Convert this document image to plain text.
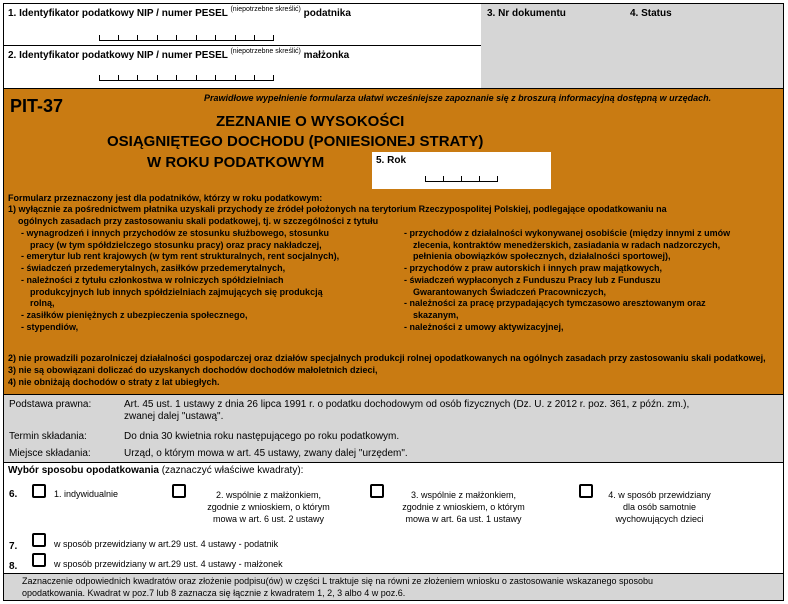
1. Identyfikator podatkowy NIP / numer PESEL $^{(niepotrzebne skreślić)}$ podatnika
2. Identyfikator podatkowy NIP / numer PESEL $^{(niepotrzebne skreślić)}$ małżonka
3. Nr dokumentu	4. Status
PIT-37	Prawidłowe wypełnienie formularza ułatwi wcześniejsze zapoznanie się z broszurą informacyjną dostępną w urzędach.
ZEZNANIE O WYSOKOŚCI
OSIĄGNIĘTEGO DOCHODU (PONIESIONEJ STRATY)
W ROKU PODATKOWYM	5. Rok
Formularz przeznaczony jest dla podatników, którzy w roku podatkowym:
1) wyłącznie za pośrednictwem płatnika uzyskali przychody ze źródeł położonych na terytorium Rzeczypospolitej Polskiej, podlegające opodatkowaniu na
ogólnych zasadach przy zastosowaniu skali podatkowej, tj. w szczególności z tytułu
- wynagrodzeń i innych przychodów ze stosunku służbowego, stosunku
pracy (w tym spółdzielczego stosunku pracy) oraz pracy nakładczej,
- emerytur lub rent krajowych (w tym rent strukturalnych, rent socjalnych),
- świadczeń przedemerytalnych, zasiłków przedemerytalnych,
- należności z tytułu członkostwa w rolniczych spółdzielniach
produkcyjnych lub innych spółdzielniach zajmujących się produkcją
rolną,
- zasiłków pieniężnych z ubezpieczenia społecznego,
- stypendiów,
- przychodów z działalności wykonywanej osobiście (między innymi z umów
zlecenia, kontraktów menedżerskich, zasiadania w radach nadzorczych,
pełnienia obowiązków społecznych, działalności sportowej),
- przychodów z praw autorskich i innych praw majątkowych,
- świadczeń wypłaconych z Funduszu Pracy lub z Funduszu
Gwarantowanych Świadczeń Pracowniczych,
- należności za pracę przypadających tymczasowo aresztowanym oraz
skazanym,
- należności z umowy aktywizacyjnej,
2) nie prowadzili pozarolniczej działalności gospodarczej oraz działów specjalnych produkcji rolnej opodatkowanych na ogólnych zasadach przy zastosowaniu skali podatkowej,
3) nie są obowiązani doliczać do uzyskanych dochodów dochodów małoletnich dzieci,
4) nie obniżają dochodów o straty z lat ubiegłych.
Podstawa prawna:	Art. 45 ust. 1 ustawy z dnia 26 lipca 1991 r. o podatku dochodowym od osób fizycznych (Dz. U. z 2012 r. poz. 361, z późn. zm.),
zwanej dalej "ustawą".
Termin składania:	Do dnia 30 kwietnia roku następującego po roku podatkowym.
Miejsce składania:	Urząd, o którym mowa w art. 45 ustawy, zwany dalej "urzędem".
Wybór sposobu opodatkowania (zaznaczyć właściwe kwadraty):
6.	1. indywidualnie	2. wspólnie z małżonkiem,
zgodnie z wnioskiem, o którym
mowa w art. 6 ust. 2 ustawy
3. wspólnie z małżonkiem,
zgodnie z wnioskiem, o którym
mowa w art. 6a ust. 1 ustawy
4. w sposób przewidziany
dla osób samotnie
wychowujących dzieci
7.	w sposób przewidziany w art.29 ust. 4 ustawy - podatnik
8.	w sposób przewidziany w art.29 ust. 4 ustawy - małżonek
Zaznaczenie odpowiednich kwadratów oraz złożenie podpisu(ów) w części L traktuje się na równi ze złożeniem wniosku o zastosowanie wskazanego sposobu
opodatkowania. Kwadrat w poz.7 lub 8 zaznacza się łącznie z kwadratem 1, 2, 3 albo 4 w poz.6.
